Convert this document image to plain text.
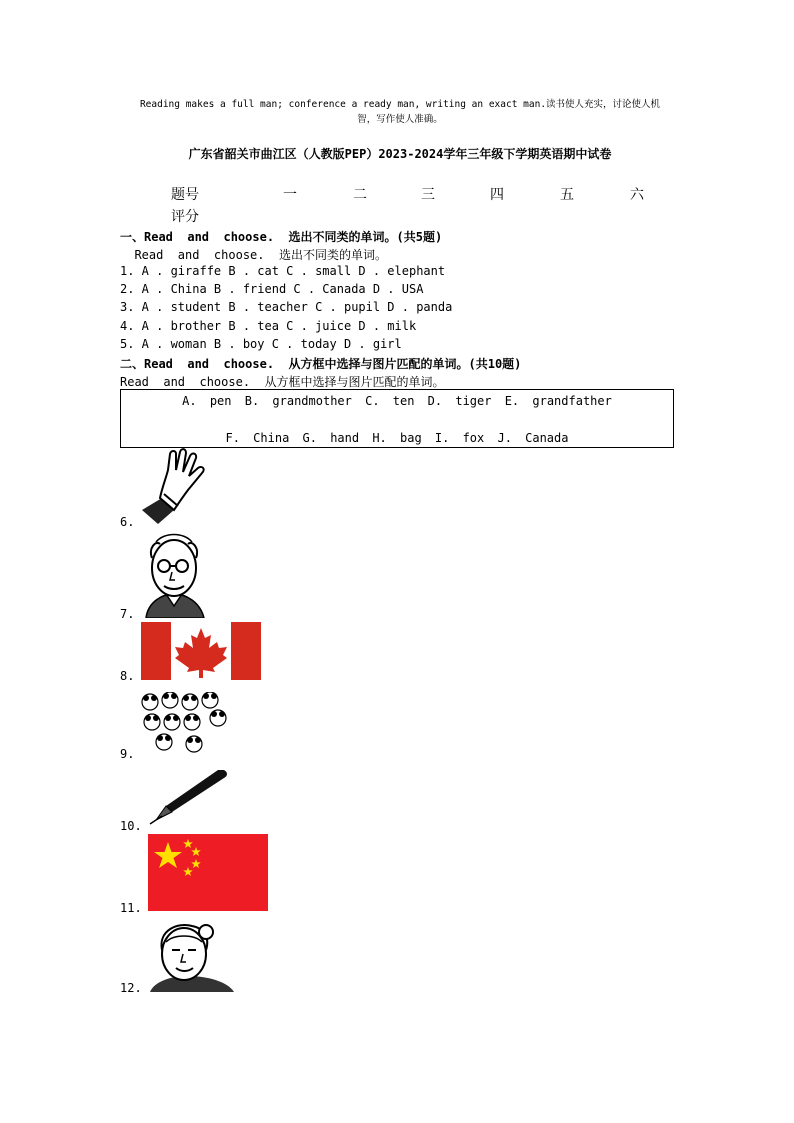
Reading makes a full man; conference a ready man, writing an exact man.读书使人充实，讨论使人机
智，写作使人准确。
广东省韶关市曲江区（人教版PEP）2023-2024学年三年级下学期英语期中试卷
题号	一	二	三	四	五	六
评分
一、Read  and  choose.  选出不同类的单词。(共5题)
Read  and  choose.  选出不同类的单词。
1. A . giraffe B . cat C . small D . elephant
2. A . China B . friend C . Canada D . USA
3. A . student B . teacher C . pupil D . panda
4. A . brother B . tea C . juice D . milk
5. A . woman B . boy C . today D . girl
二、Read  and  choose.  从方框中选择与图片匹配的单词。(共10题)
Read  and  choose.  从方框中选择与图片匹配的单词。
A. pen B. grandmother C. ten D. tiger E. grandfather
F. China G. hand H. bag I. fox J. Canada
6.
7.
8.
9.
10.
11.
12.
